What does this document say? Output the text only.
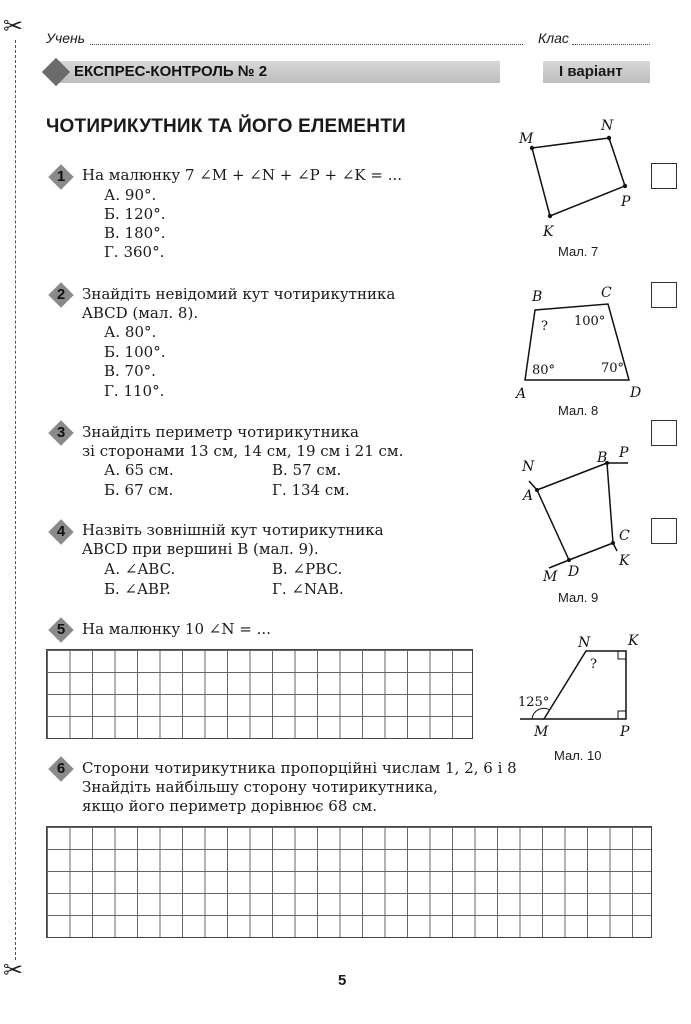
✂
✂
Учень	Клас
ЕКСПРЕС-КОНТРОЛЬ № 2	І варіант
ЧОТИРИКУТНИК ТА ЙОГО ЕЛЕМЕНТИ
1	На малюнку 7 ∠M + ∠N + ∠P + ∠K = ...
А. 90°.
Б. 120°.
В. 180°.
Г. 360°.
2	Знайдіть невідомий кут чотирикутника
ABCD (мал. 8).
А. 80°.
Б. 100°.
В. 70°.
Г. 110°.
3	Знайдіть периметр чотирикутника
зі сторонами 13 см, 14 см, 19 см і 21 см.
А. 65 см.	В. 57 см.
Б. 67 см.	Г. 134 см.
4	Назвіть зовнішній кут чотирикутника
ABCD при вершині B (мал. 9).
А. ∠ABC.	В. ∠PBC.
Б. ∠ABP.	Г. ∠NAB.
5	На малюнку 10 ∠N = ...
6	Сторони чотирикутника пропорційні числам 1, 2, 6 і 8
Знайдіть найбільшу сторону чотирикутника,
якщо його периметр дорівнює 68 см.
M
N
P
K
Мал. 7
B	C
A	D
? 100°
80°	70°
Мал. 8
N
B P
A
C
K
M D
Мал. 9
N	K
M	P
?
125°
Мал. 10
5
